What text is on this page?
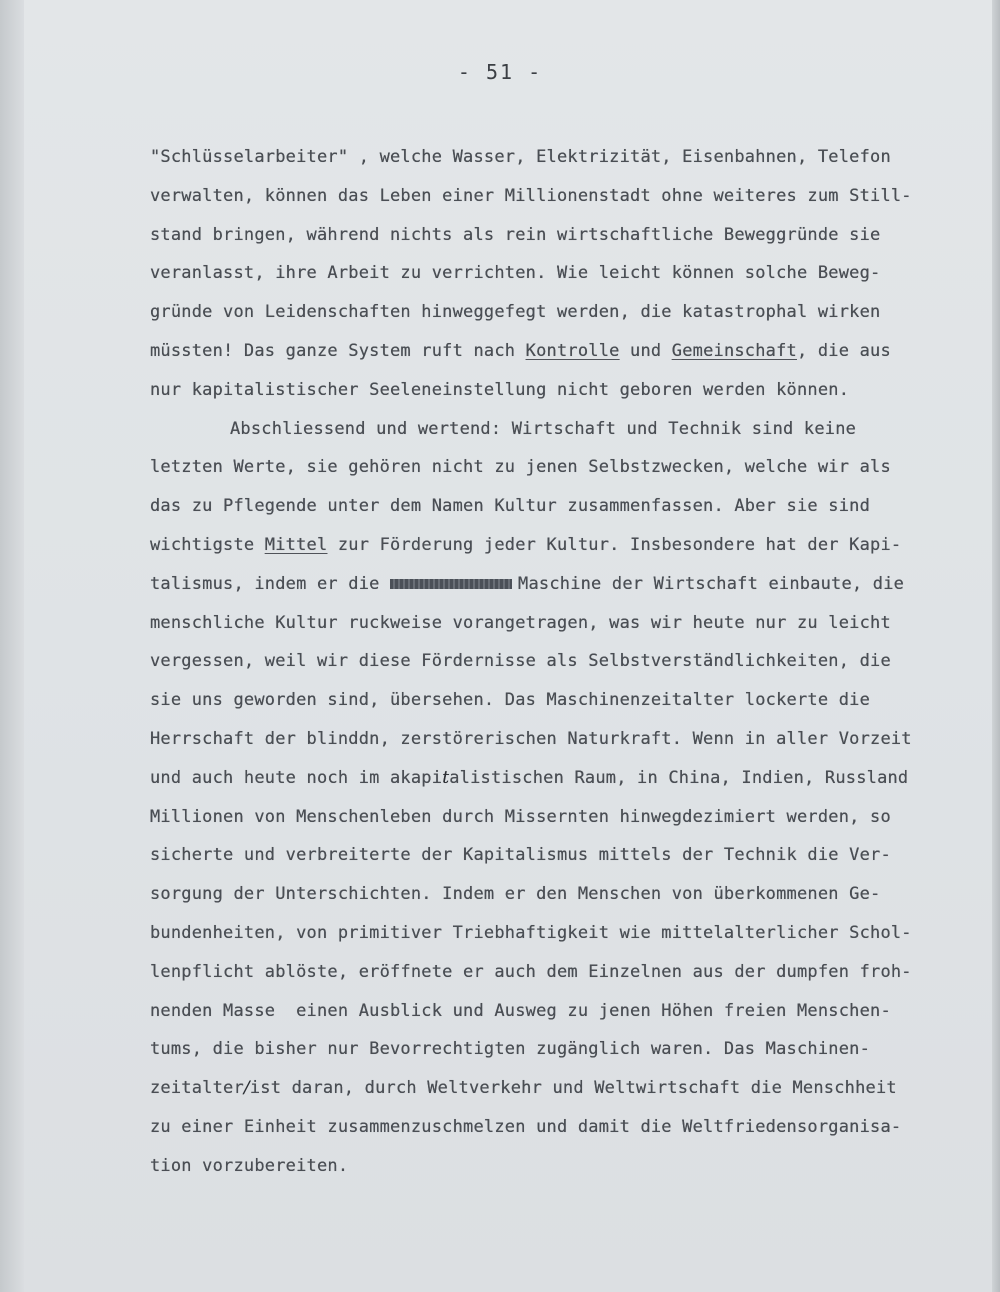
- 51 -
"Schlüsselarbeiter" , welche Wasser, Elektrizität, Eisenbahnen, Telefon
verwalten, können das Leben einer Millionenstadt ohne weiteres zum Still-
stand bringen, während nichts als rein wirtschaftliche Beweggründe sie
veranlasst, ihre Arbeit zu verrichten. Wie leicht können solche Beweg-
gründe von Leidenschaften hinweggefegt werden, die katastrophal wirken
müssten! Das ganze System ruft nach Kontrolle und Gemeinschaft, die aus
nur kapitalistischer Seeleneinstellung nicht geboren werden können.
Abschliessend und wertend: Wirtschaft und Technik sind keine
letzten Werte, sie gehören nicht zu jenen Selbstzwecken, welche wir als
das zu Pflegende unter dem Namen Kultur zusammenfassen. Aber sie sind
wichtigste Mittel zur Förderung jeder Kultur. Insbesondere hat der Kapi-
talismus, indem er die	Maschine der Wirtschaft einbaute, die
menschliche Kultur ruckweise vorangetragen, was wir heute nur zu leicht
vergessen, weil wir diese Fördernisse als Selbstverständlichkeiten, die
sie uns geworden sind, übersehen. Das Maschinenzeitalter lockerte die
Herrschaft der blinddn, zerstörerischen Naturkraft. Wenn in aller Vorzeit
und auch heute noch im akapitalistischen Raum, in China, Indien, Russland
Millionen von Menschenleben durch Missernten hinwegdezimiert werden, so
sicherte und verbreiterte der Kapitalismus mittels der Technik die Ver-
sorgung der Unterschichten. Indem er den Menschen von überkommenen Ge-
bundenheiten, von primitiver Triebhaftigkeit wie mittelalterlicher Schol-
lenpflicht ablöste, eröffnete er auch dem Einzelnen aus der dumpfen froh-
nenden Masse  einen Ausblick und Ausweg zu jenen Höhen freien Menschen-
tums, die bisher nur Bevorrechtigten zugänglich waren. Das Maschinen-
zeitalter/ist daran, durch Weltverkehr und Weltwirtschaft die Menschheit
zu einer Einheit zusammenzuschmelzen und damit die Weltfriedensorganisa-
tion vorzubereiten.
